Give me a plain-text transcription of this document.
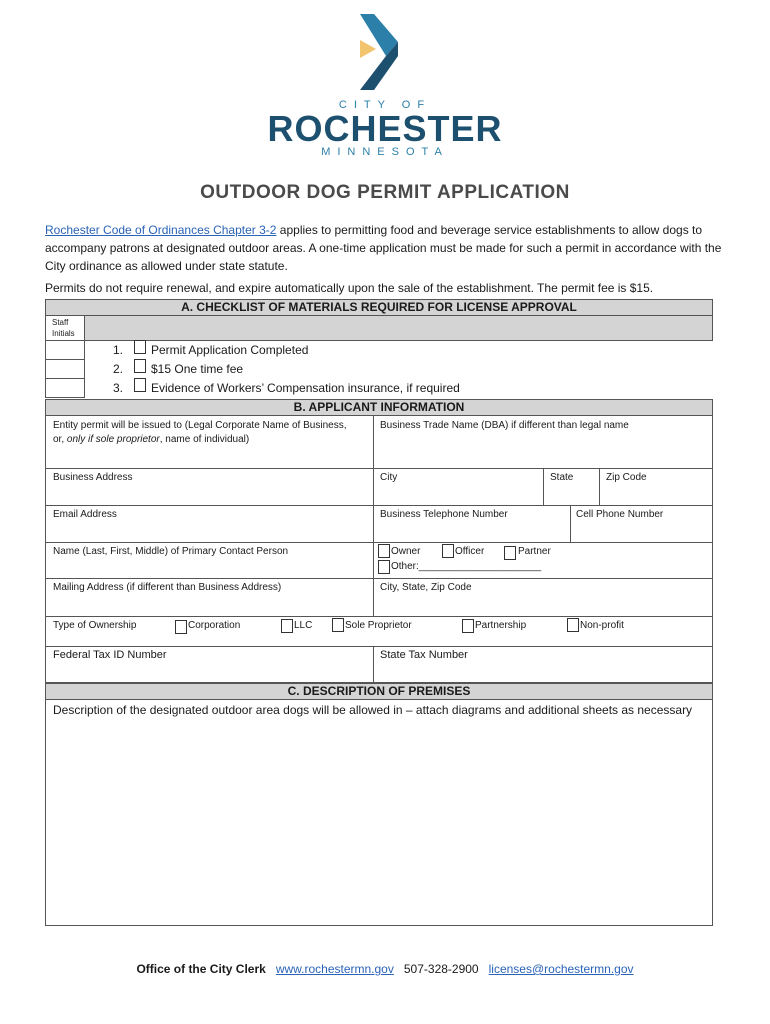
CITY OF
ROCHESTER
MINNESOTA
OUTDOOR DOG PERMIT APPLICATION
Rochester Code of Ordinances Chapter 3-2 applies to permitting food and beverage service establishments to allow dogs to accompany patrons at designated outdoor areas. A one-time application must be made for such a permit in accordance with the City ordinance as allowed under state statute.
Permits do not require renewal, and expire automatically upon the sale of the establishment. The permit fee is $15.
A. CHECKLIST OF MATERIALS REQUIRED FOR LICENSE APPROVAL
Staff Initials
1. Permit Application Completed
2. $15 One time fee
3. Evidence of Workers’ Compensation insurance, if required
B. APPLICANT INFORMATION
Entity permit will be issued to (Legal Corporate Name of Business,
or, only if sole proprietor, name of individual)
Business Trade Name (DBA) if different than legal name
Business Address	City	State	Zip Code
Email Address	Business Telephone Number	Cell Phone Number
Name (Last, First, Middle) of Primary Contact Person	Owner	Officer	Partner
Other:______________________
Mailing Address (if different than Business Address)	City, State, Zip Code
Type of Ownership	Corporation	LLC	Sole Proprietor	Partnership	Non-profit
Federal Tax ID Number	State Tax Number
C. DESCRIPTION OF PREMISES
Description of the designated outdoor area dogs will be allowed in – attach diagrams and additional sheets as necessary
Office of the City Clerk www.rochestermn.gov 507-328-2900 licenses@rochestermn.gov
